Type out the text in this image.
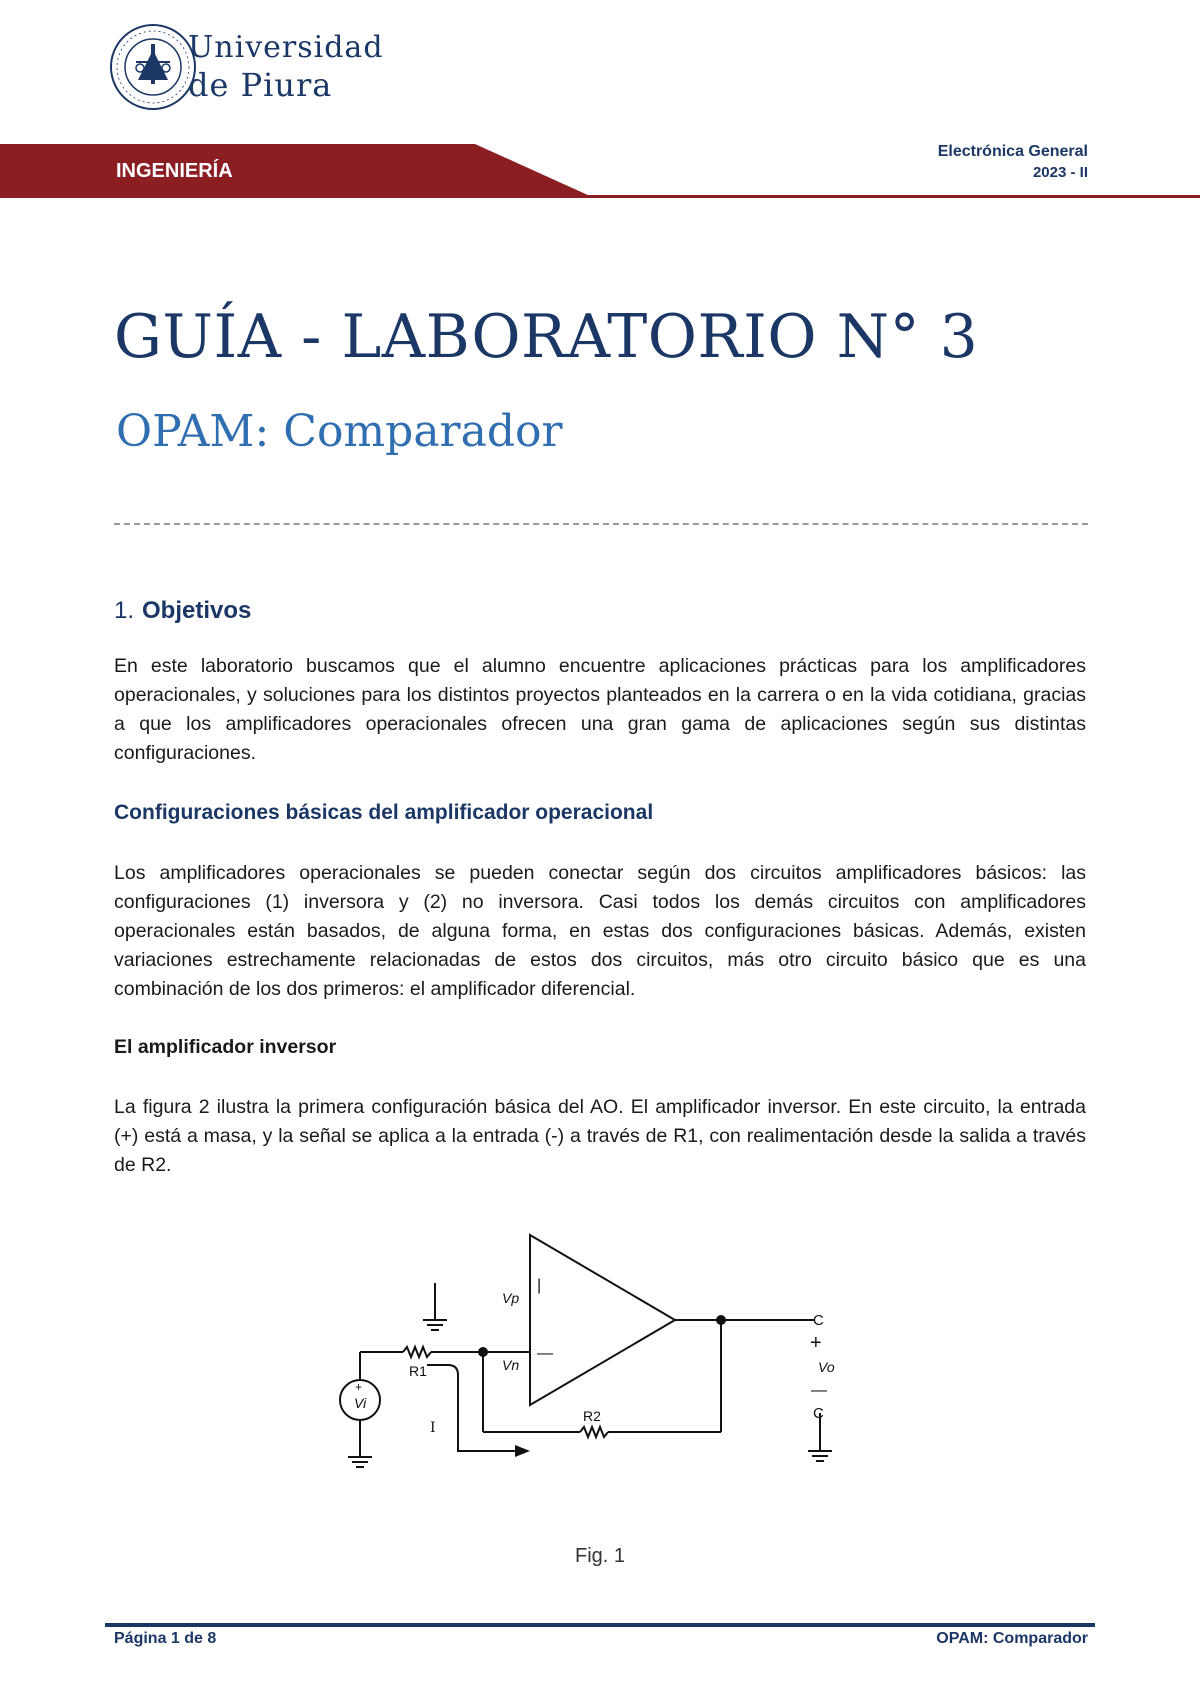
Universidad
de Piura
INGENIERÍA
Electrónica General
2023 - II
GUÍA - LABORATORIO N° 3
OPAM: Comparador
1. Objetivos
En este laboratorio buscamos que el alumno encuentre aplicaciones prácticas para los amplificadores operacionales, y soluciones para los distintos proyectos planteados en la carrera o en la vida cotidiana, gracias a que los amplificadores operacionales ofrecen una gran gama de aplicaciones según sus distintas configuraciones.
Configuraciones básicas del amplificador operacional
Los amplificadores operacionales se pueden conectar según dos circuitos amplificadores básicos: las configuraciones (1) inversora y (2) no inversora. Casi todos los demás circuitos con amplificadores operacionales están basados, de alguna forma, en estas dos configuraciones básicas. Además, existen variaciones estrechamente relacionadas de estos dos circuitos, más otro circuito básico que es una combinación de los dos primeros: el amplificador diferencial.
El amplificador inversor
La figura 2 ilustra la primera configuración básica del AO. El amplificador inversor. En este circuito, la entrada (+) está a masa, y la señal se aplica a la entrada (-) a través de R1, con realimentación desde la salida a través de R2.
Vp
Vn
|
—
R1
R2
I
Vi
+
C
+
Vo
—
C
Fig. 1
Página 1 de 8	OPAM: Comparador
